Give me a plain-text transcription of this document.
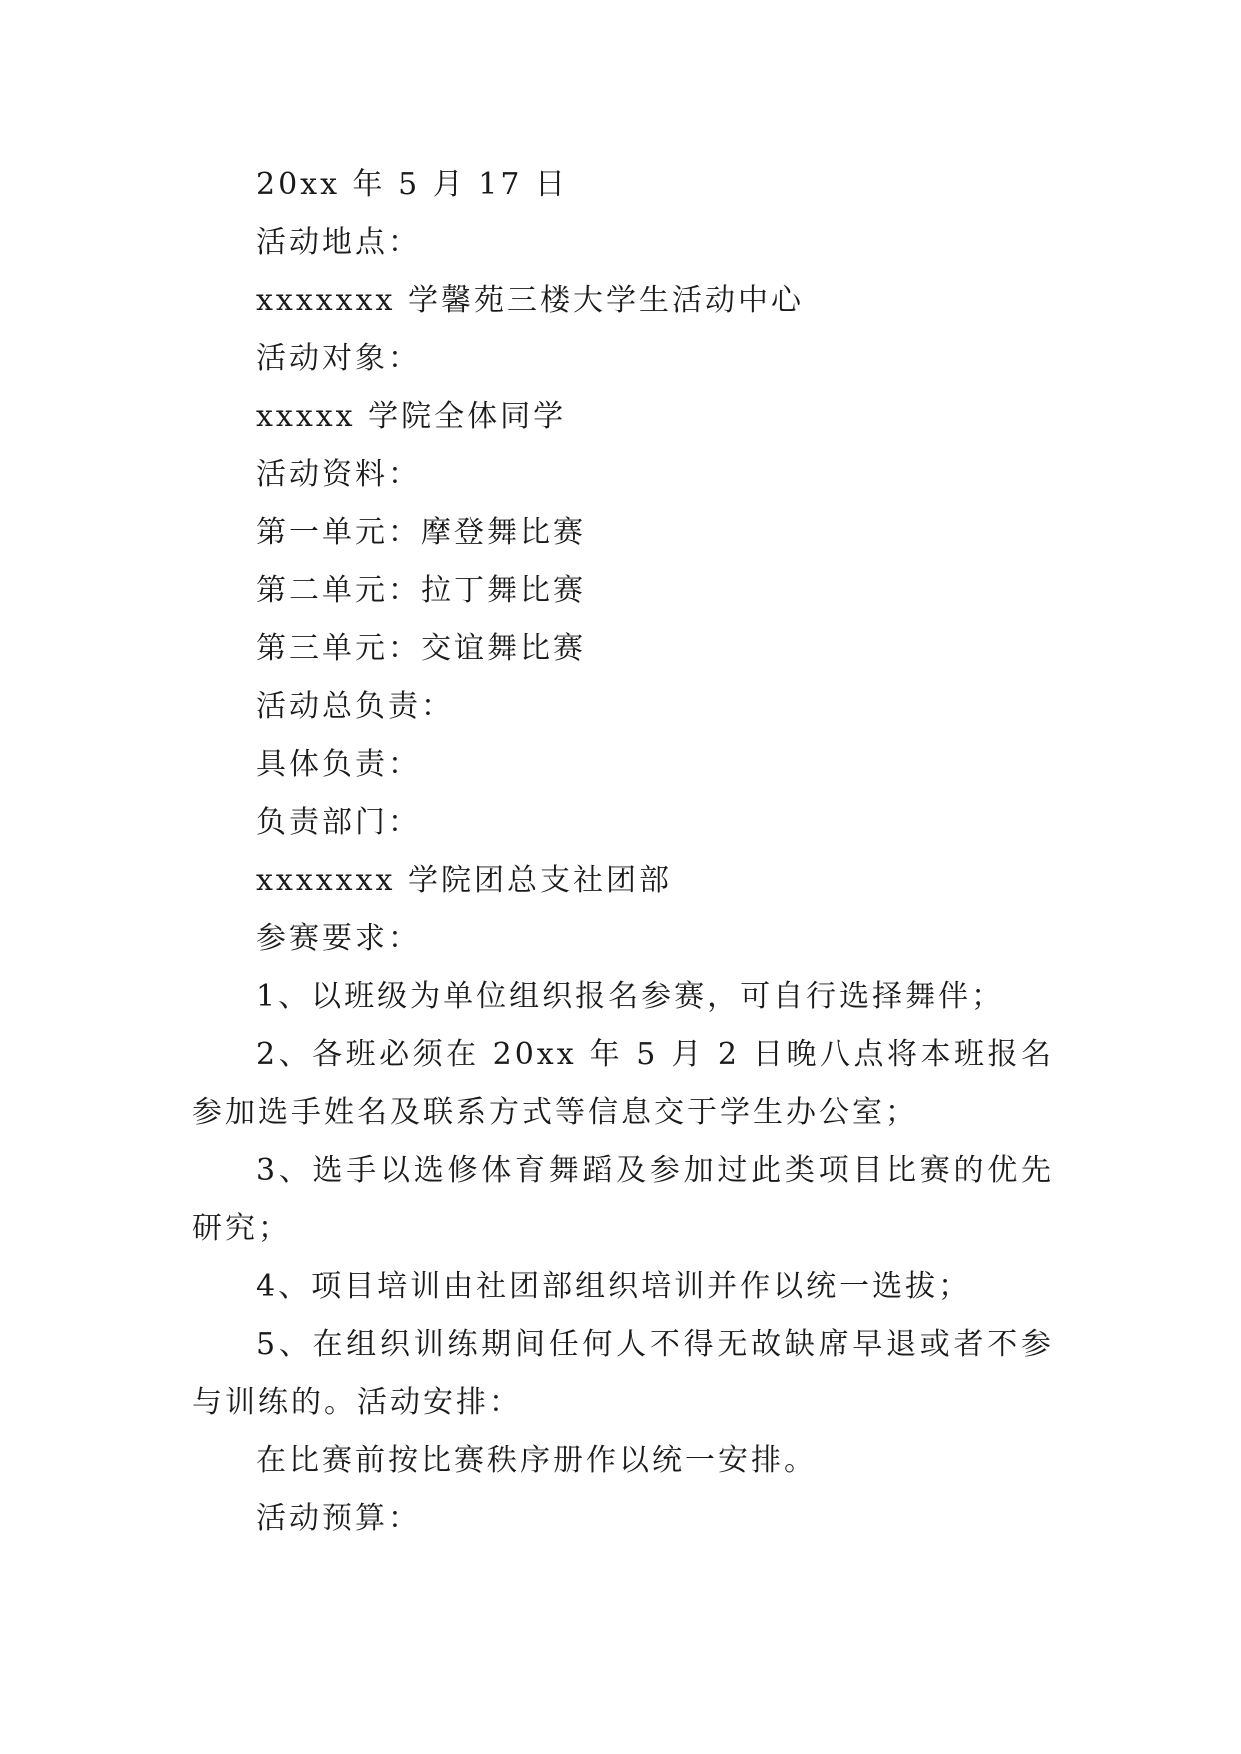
20xx 年 5 月 17 日
活动地点：
xxxxxxx 学馨苑三楼大学生活动中心
活动对象：
xxxxx 学院全体同学
活动资料：
第一单元：摩登舞比赛
第二单元：拉丁舞比赛
第三单元：交谊舞比赛
活动总负责：
具体负责：
负责部门：
xxxxxxx 学院团总支社团部
参赛要求：
1、以班级为单位组织报名参赛，可自行选择舞伴；
2、各班必须在 20xx 年 5 月 2 日晚八点将本班报名参加选手姓名及联系方式等信息交于学生办公室；
3、选手以选修体育舞蹈及参加过此类项目比赛的优先研究；
4、项目培训由社团部组织培训并作以统一选拔；
5、在组织训练期间任何人不得无故缺席早退或者不参与训练的。活动安排：
在比赛前按比赛秩序册作以统一安排。
活动预算：
